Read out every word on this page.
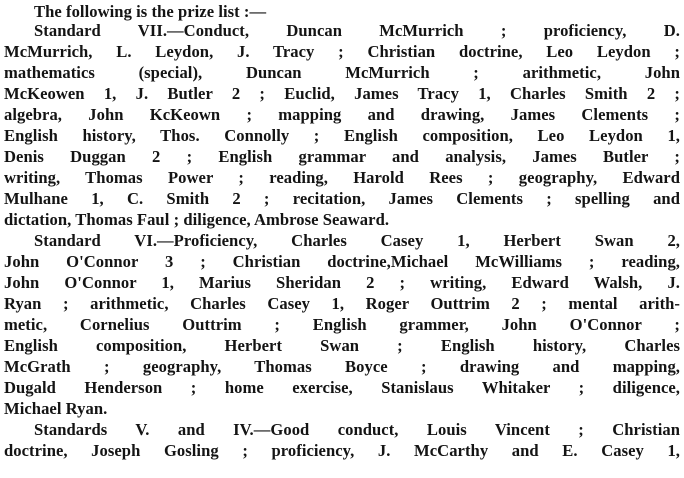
The following is the prize list :—
Standard VII.—Conduct, Duncan McMurrich ; proficiency, D.
McMurrich, L. Leydon, J. Tracy ; Christian doctrine, Leo Leydon ;
mathematics (special), Duncan McMurrich ; arithmetic, John
McKeowen 1, J. Butler 2 ; Euclid, James Tracy 1, Charles Smith 2 ;
algebra, John KcKeown ; mapping and drawing, James Clements ;
English history, Thos. Connolly ; English composition, Leo Leydon 1,
Denis Duggan 2 ; English grammar and analysis, James Butler ;
writing, Thomas Power ; reading, Harold Rees ; geography, Edward
Mulhane 1, C. Smith 2 ; recitation, James Clements ; spelling and
dictation, Thomas Faul ; diligence, Ambrose Seaward.
Standard VI.—Proficiency, Charles Casey 1, Herbert Swan 2,
John O'Connor 3 ; Christian doctrine,Michael McWilliams ; reading,
John O'Connor 1, Marius Sheridan 2 ; writing, Edward Walsh, J.
Ryan ; arithmetic, Charles Casey 1, Roger Outtrim 2 ; mental arith-
metic, Cornelius Outtrim ; English grammer, John O'Connor ;
English composition, Herbert Swan ; English history, Charles
McGrath ; geography, Thomas Boyce ; drawing and mapping,
Dugald Henderson ; home exercise, Stanislaus Whitaker ; diligence,
Michael Ryan.
Standards V. and IV.—Good conduct, Louis Vincent ; Christian
doctrine, Joseph Gosling ; proficiency, J. McCarthy and E. Casey 1,
